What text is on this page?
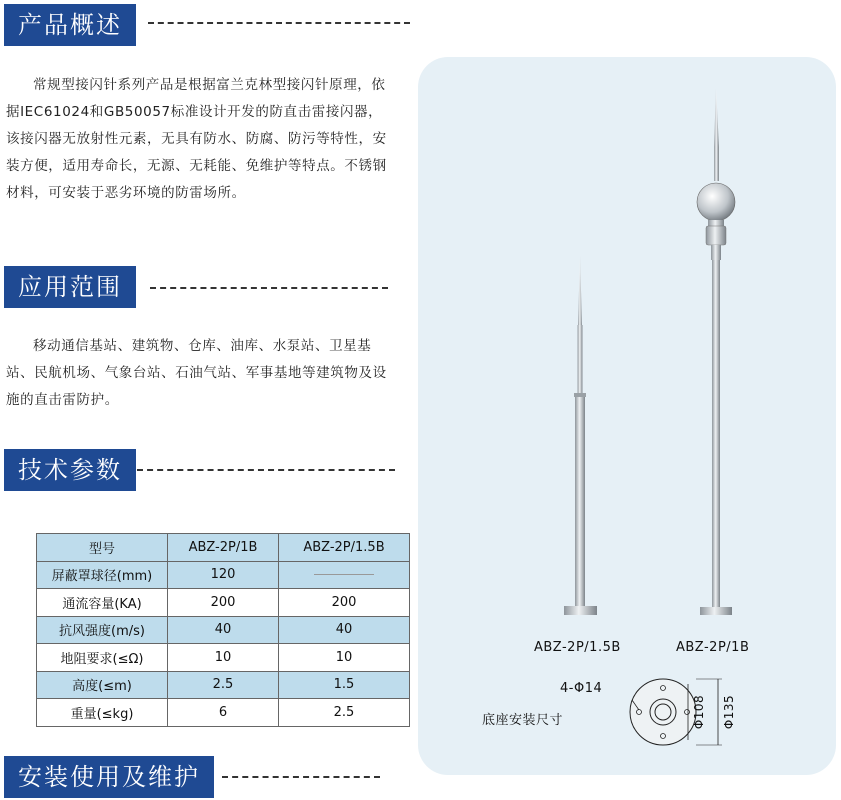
产品概述
常规型接闪针系列产品是根据富兰克林型接闪针原理，依据IEC61024和GB50057标准设计开发的防直击雷接闪器，该接闪器无放射性元素，无具有防水、防腐、防污等特性，安装方便，适用寿命长，无源、无耗能、免维护等特点。不锈钢材料，可安装于恶劣环境的防雷场所。
应用范围
移动通信基站、建筑物、仓库、油库、水泵站、卫星基站、民航机场、气象台站、石油气站、军事基地等建筑物及设施的直击雷防护。
技术参数
型号	ABZ-2P/1B	ABZ-2P/1.5B
屏蔽罩球径(mm)	120	
通流容量(KA)	200	200
抗风强度(m/s)	40	40
地阻要求(≤Ω)	10	10
高度(≤m)	2.5	1.5
重量(≤kg)	6	2.5
安装使用及维护
ABZ-2P/1.5B	ABZ-2P/1B
底座安装尺寸
4-Φ14
Φ108 Φ135
